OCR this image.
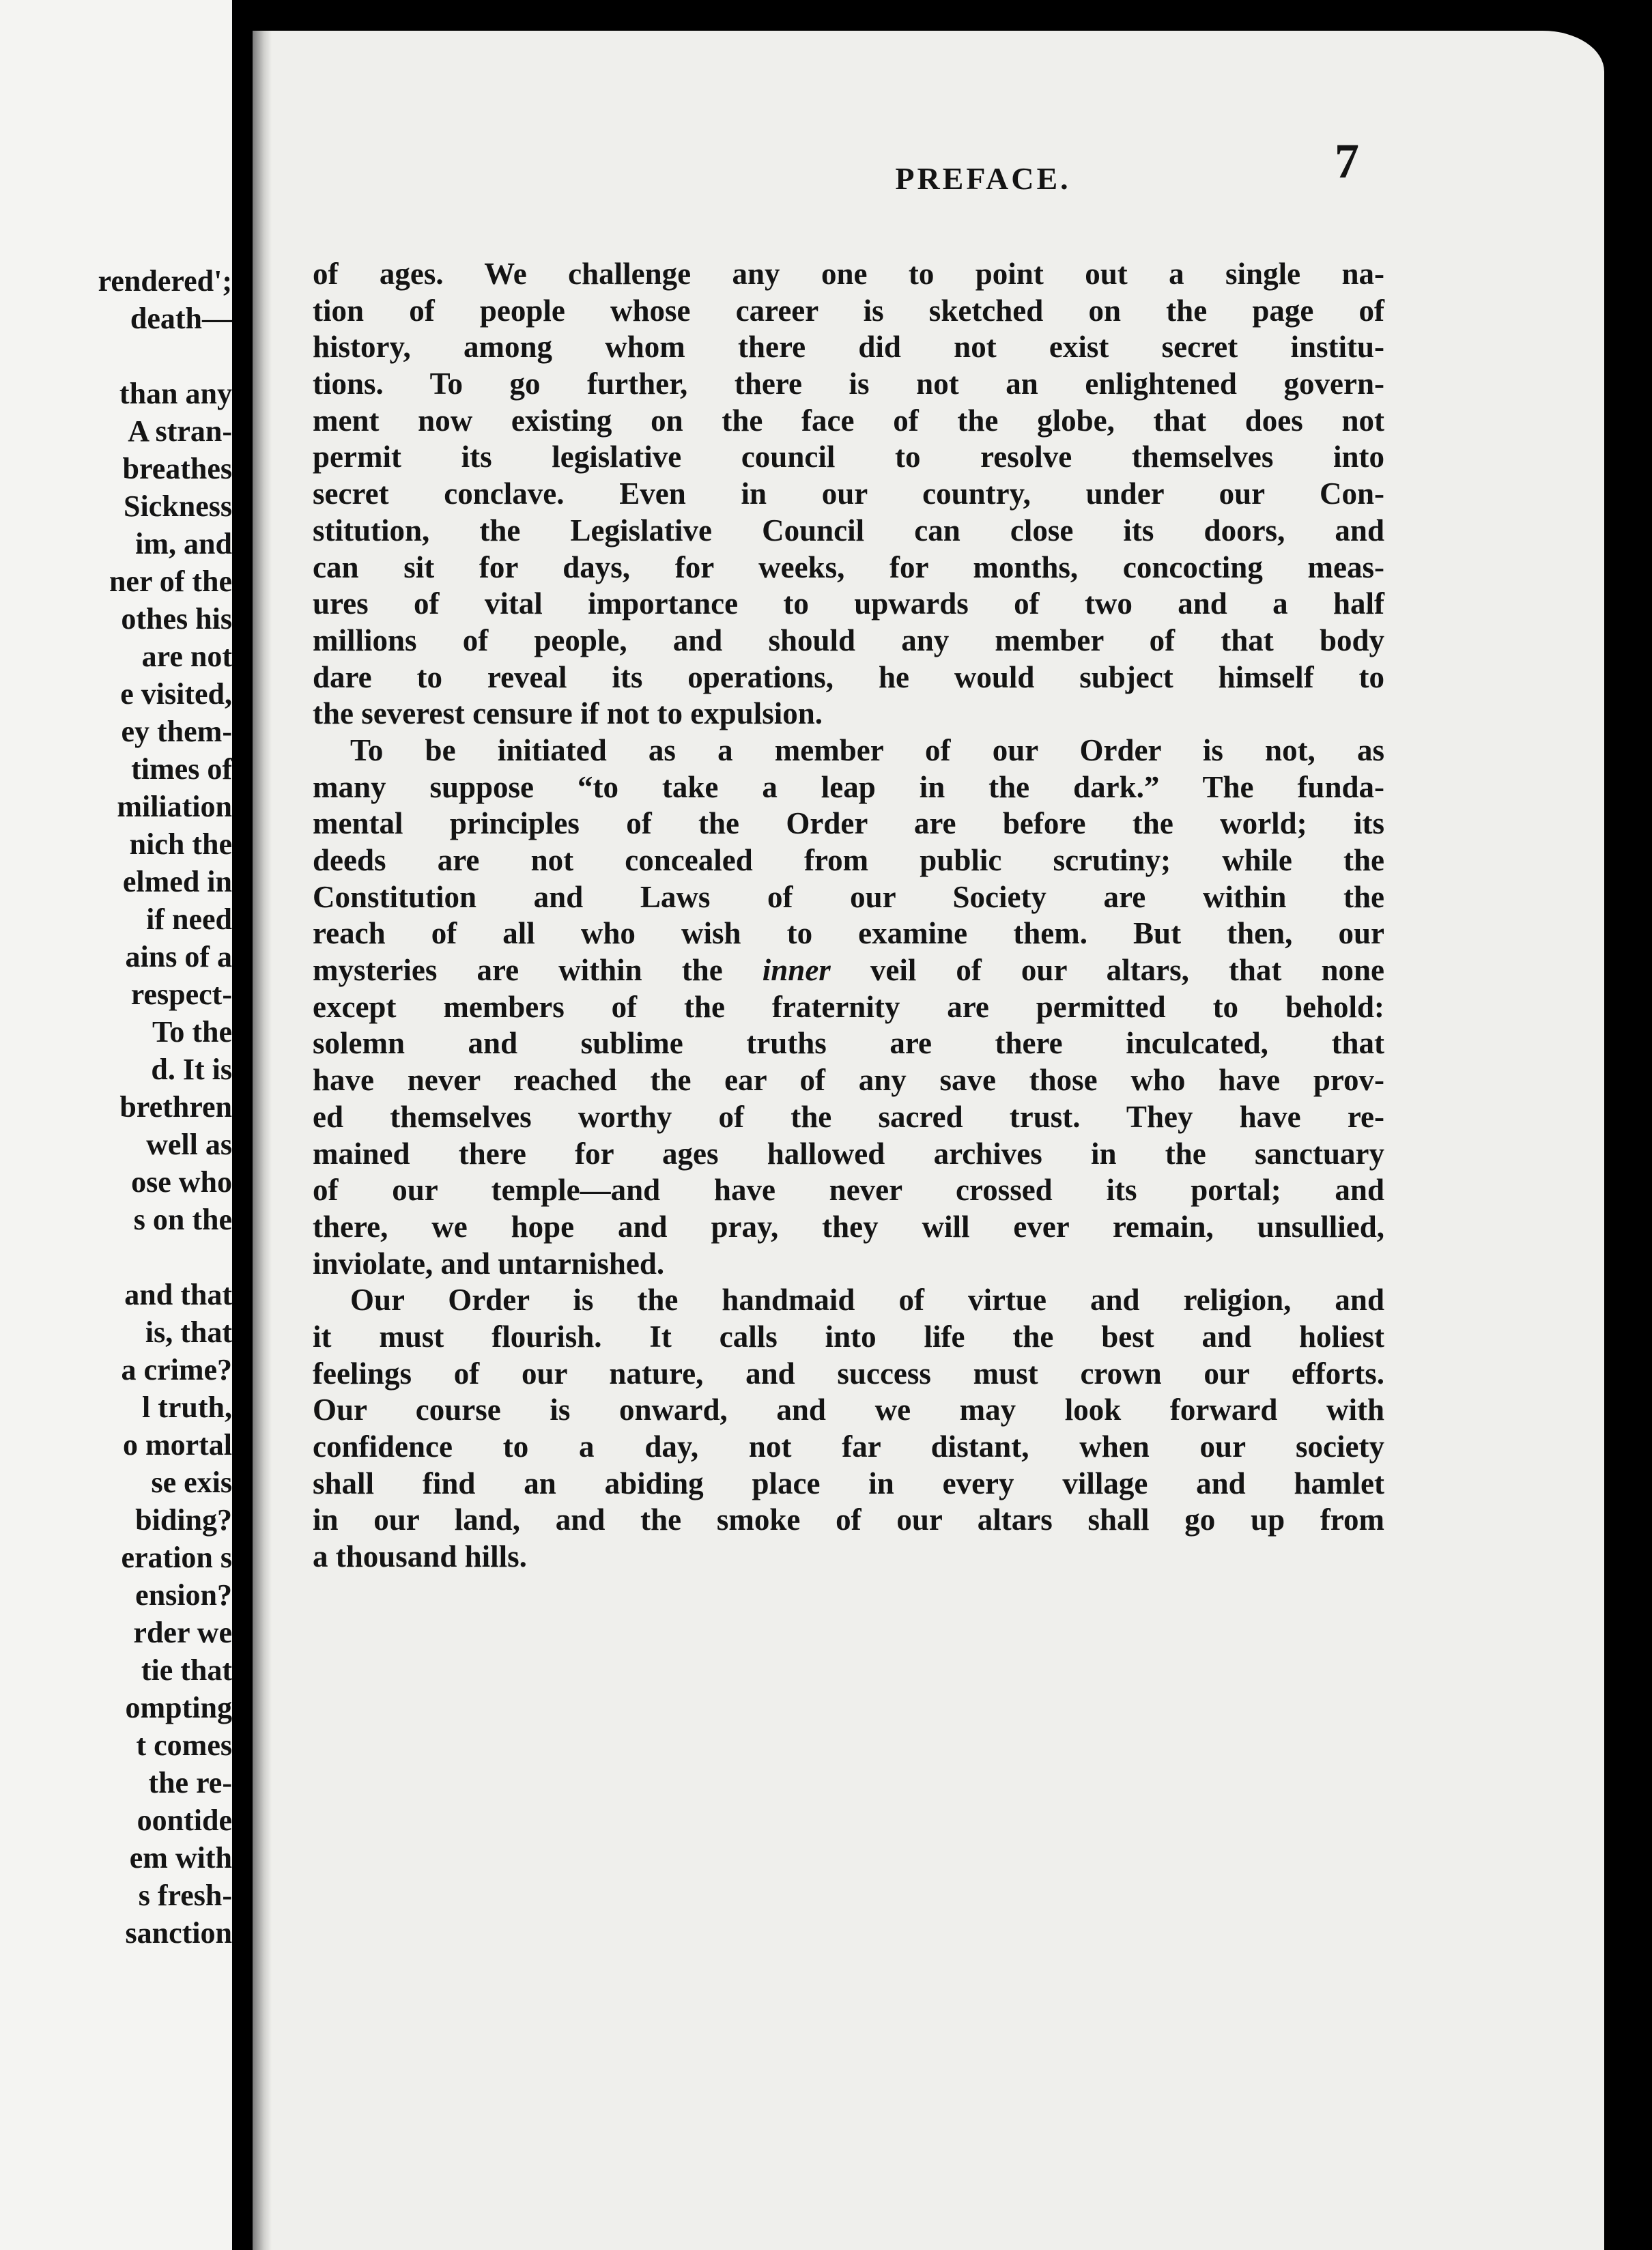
rendered';
death—
than any
A stran-
breathes
Sickness
im, and
ner of the
othes his
are not
e visited,
ey them-
times of
miliation
nich the
elmed in
if need
ains of a
respect-
To the
d. It is
brethren
well as
ose who
s on the
and that
is, that
a crime?
l truth,
o mortal
se exis
biding?
eration s
ension?
rder we
tie that
ompting
t comes
the re-
oontide
em with
s fresh-
sanction
PREFACE.	7
of ages. We challenge any one to point out a single na-
tion of people whose career is sketched on the page of
history, among whom there did not exist secret institu-
tions. To go further, there is not an enlightened govern-
ment now existing on the face of the globe, that does not
permit its legislative council to resolve themselves into
secret conclave. Even in our country, under our Con-
stitution, the Legislative Council can close its doors, and
can sit for days, for weeks, for months, concocting meas-
ures of vital importance to upwards of two and a half
millions of people, and should any member of that body
dare to reveal its operations, he would subject himself to
the severest censure if not to expulsion.
To be initiated as a member of our Order is not, as
many suppose “to take a leap in the dark.” The funda-
mental principles of the Order are before the world; its
deeds are not concealed from public scrutiny; while the
Constitution and Laws of our Society are within the
reach of all who wish to examine them. But then, our
mysteries are within the inner veil of our altars, that none
except members of the fraternity are permitted to behold:
solemn and sublime truths are there inculcated, that
have never reached the ear of any save those who have prov-
ed themselves worthy of the sacred trust. They have re-
mained there for ages hallowed archives in the sanctuary
of our temple—and have never crossed its portal; and
there, we hope and pray, they will ever remain, unsullied,
inviolate, and untarnished.
Our Order is the handmaid of virtue and religion, and
it must flourish. It calls into life the best and holiest
feelings of our nature, and success must crown our efforts.
Our course is onward, and we may look forward with
confidence to a day, not far distant, when our society
shall find an abiding place in every village and hamlet
in our land, and the smoke of our altars shall go up from
a thousand hills.
